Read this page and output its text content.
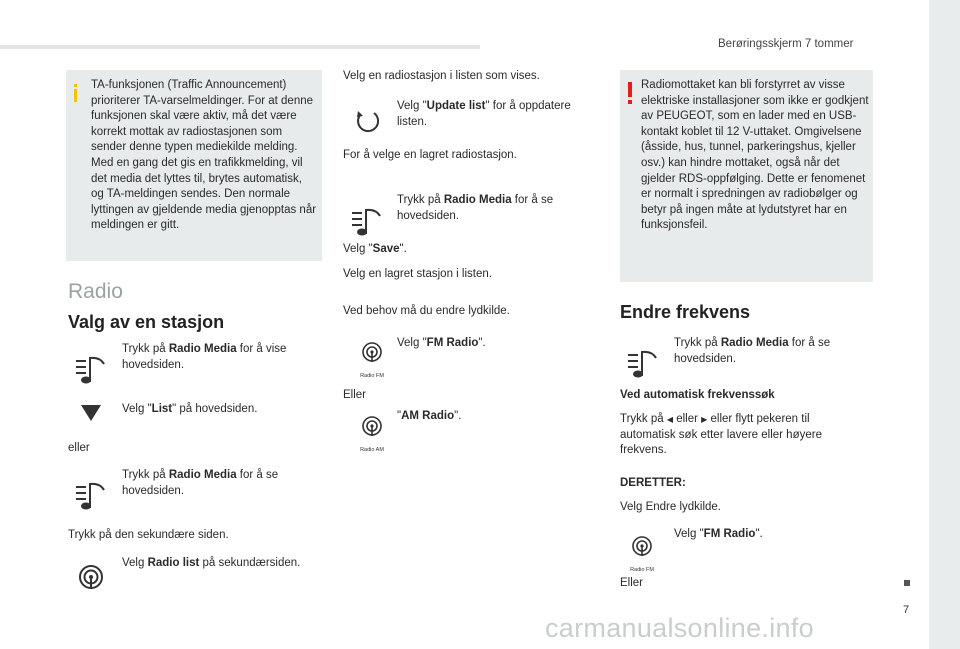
Berøringsskjerm 7 tommer
7
carmanualsonline.info
TA-funksjonen (Traffic Announcement) prioriterer TA-varselmeldinger. For at denne funksjonen skal være aktiv, må det være korrekt mottak av radiostasjonen som sender denne typen mediekilde melding. Med en gang det gis en trafikkmelding, vil det media det lyttes til, brytes automatisk, og TA-meldingen sendes. Den normale lyttingen av gjeldende media gjenopptas når meldingen er gitt.
Radio
Valg av en stasjon
Trykk på Radio Media for å vise hovedsiden.
Velg "List" på hovedsiden.
eller
Trykk på Radio Media for å se hovedsiden.
Trykk på den sekundære siden.
Velg Radio list på sekundærsiden.
Velg en radiostasjon i listen som vises.
Velg "Update list" for å oppdatere listen.
For å velge en lagret radiostasjon.
Trykk på Radio Media for å se hovedsiden.
Velg "Save".
Velg en lagret stasjon i listen.
Ved behov må du endre lydkilde.
Radio FM
Velg "FM Radio".
Eller
Radio AM
"AM Radio".
Radiomottaket kan bli forstyrret av visse elektriske installasjoner som ikke er godkjent av PEUGEOT, som en lader med en USB-kontakt koblet til 12 V-uttaket. Omgivelsene (åsside, hus, tunnel, parkeringshus, kjeller osv.) kan hindre mottaket, også når det gjelder RDS-oppfølging. Dette er fenomenet er normalt i spredningen av radiobølger og betyr på ingen måte at lydutstyret har en funksjonsfeil.
Endre frekvens
Trykk på Radio Media for å se hovedsiden.
Ved automatisk frekvenssøk
Trykk på ◀ eller ▶ eller flytt pekeren til automatisk søk etter lavere eller høyere frekvens.
DERETTER:
Velg Endre lydkilde.
Radio FM
Velg "FM Radio".
Eller
